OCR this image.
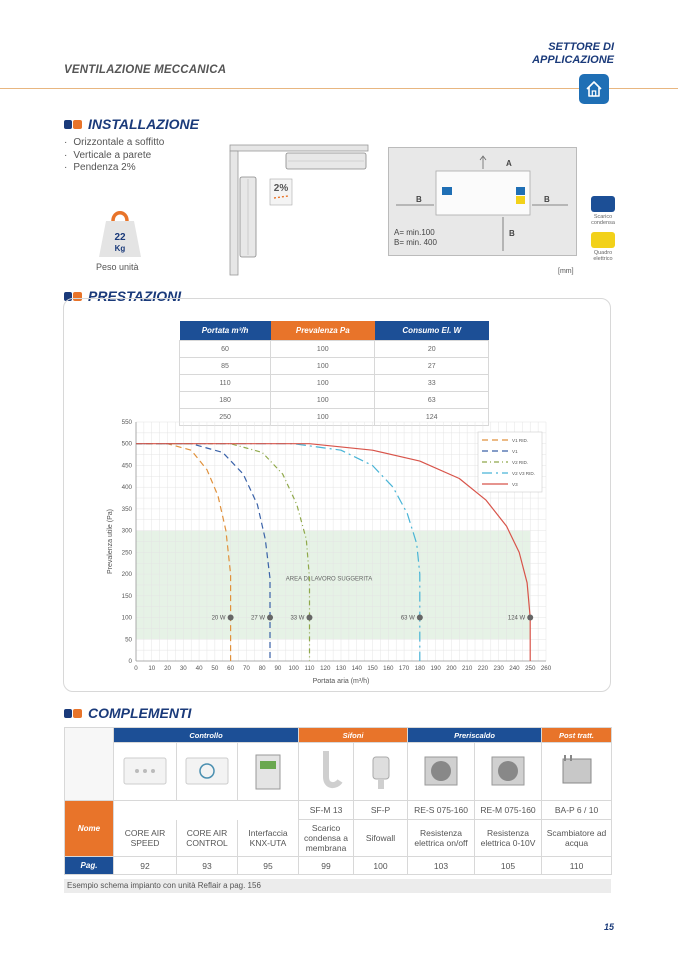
VENTILAZIONE MECCANICA
SETTORE DI
APPLICAZIONE
INSTALLAZIONE
· Orizzontale a soffitto
· Verticale a parete
· Pendenza 2%
22
Kg
Peso unità
2%
A
B	B
B
A= min.100
B= min. 400
[mm]
Scarico condensa
Quadro elettrico
PRESTAZIONI
Portata m³/h	Prevalenza Pa	Consumo El. W
60	100	20
85	100	27
110	100	33
180	100	63
250	100	124
0 10 20 30 40 50 60 70 80 90 100 110 120 130 140 150 160 170 180 190 200 210 220 230 240 250 260
0
50
100
150
200
250
300
350
400
450
500
550
Portata aria (m³/h)
Prevalenza utile (Pa)
AREA DI LAVORO SUGGERITA
20 W	27 W	33 W	63 W	124 W
V1 RID.
V1
V2 RID.
V2 V3 RID.
V3
COMPLEMENTI
	Controllo			Sifoni		Preriscaldo		Post tratt.

Nome				SF-M 13	SF-P	RE-S 075-160	RE-M 075-160	BA-P 6 / 10
	CORE AIR SPEED	CORE AIR CONTROL	Interfaccia KNX-UTA	Scarico condensa a membrana	Sifowall	Resistenza elettrica on/off	Resistenza elettrica 0-10V	Scambiatore ad acqua
Pag.	92	93	95	99	100	103	105	110
Esempio schema impianto con unità Reflair a pag. 156
15
